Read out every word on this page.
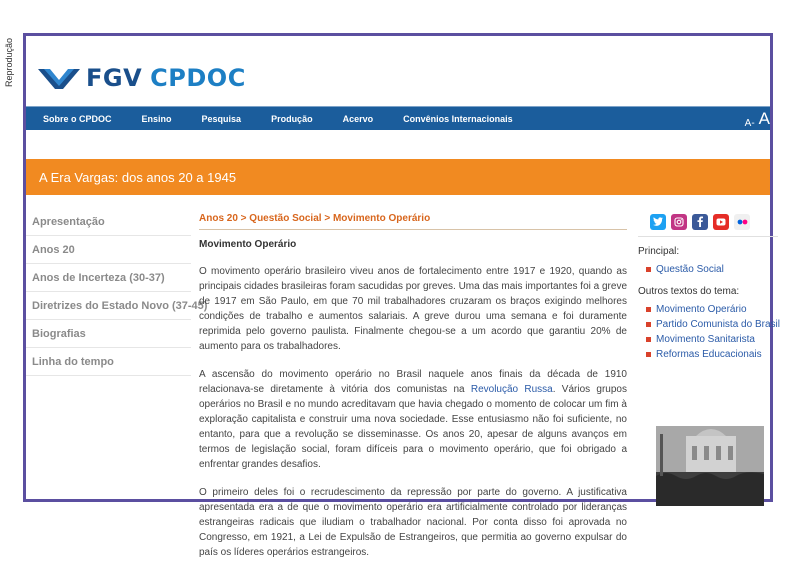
Reprodução	FGV CPDOC
Sobre o CPDOC	Ensino	Pesquisa	Produção	Acervo	Convênios Internacionais	A- A
A Era Vargas: dos anos 20 a 1945
Apresentação
Anos 20
Anos de Incerteza (30-37)
Diretrizes do Estado Novo (37-45)
Biografias
Linha do tempo
Anos 20 > Questão Social > Movimento Operário
Movimento Operário

O movimento operário brasileiro viveu anos de fortalecimento entre 1917 e 1920, quando as principais cidades brasileiras foram sacudidas por greves. Uma das mais importantes foi a greve de 1917 em São Paulo, em que 70 mil trabalhadores cruzaram os braços exigindo melhores condições de trabalho e aumentos salariais. A greve durou uma semana e foi duramente reprimida pelo governo paulista. Finalmente chegou-se a um acordo que garantiu 20% de aumento para os trabalhadores.

A ascensão do movimento operário no Brasil naquele anos finais da década de 1910 relacionava-se diretamente à vitória dos comunistas na Revolução Russa. Vários grupos operários no Brasil e no mundo acreditavam que havia chegado o momento de colocar um fim à exploração capitalista e construir uma nova sociedade. Esse entusiasmo não foi suficiente, no entanto, para que a revolução se disseminasse. Os anos 20, apesar de alguns avanços em termos de legislação social, foram difíceis para o movimento operário, que foi obrigado a enfrentar grandes desafios.

O primeiro deles foi o recrudescimento da repressão por parte do governo. A justificativa apresentada era a de que o movimento operário era artificialmente controlado por lideranças estrangeiras radicais que iludiam o trabalhador nacional. Por conta disso foi aprovada no Congresso, em 1921, a Lei de Expulsão de Estrangeiros, que permitia ao governo expulsar do país os líderes operários estrangeiros.

Principal:
Questão Social
Outros textos do tema:
Movimento Operário
Partido Comunista do Brasil
Movimento Sanitarista
Reformas Educacionais
